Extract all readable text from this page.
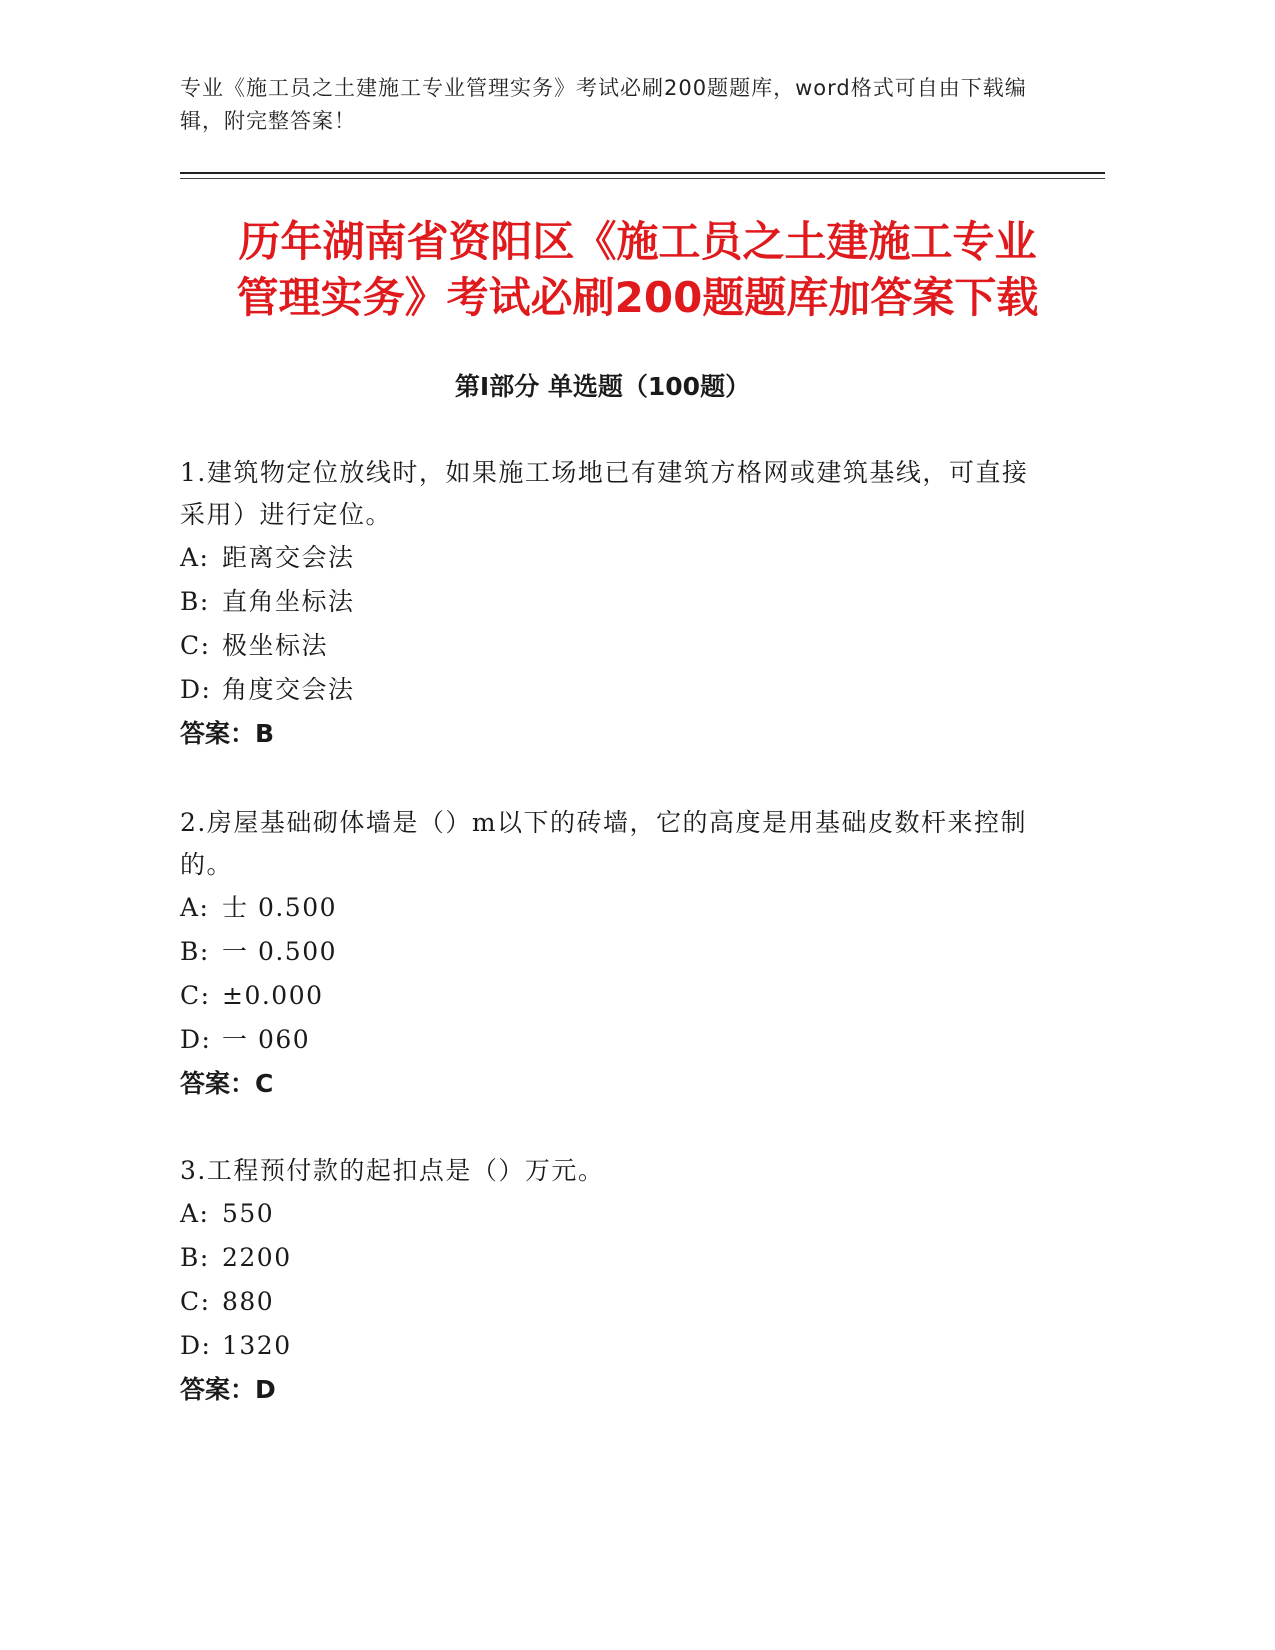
专业《施工员之土建施工专业管理实务》考试必刷200题题库，word格式可自由下载编辑，附完整答案！
历年湖南省资阳区《施工员之土建施工专业
管理实务》考试必刷200题题库加答案下载
第Ⅰ部分 单选题（100题）
1.建筑物定位放线时，如果施工场地已有建筑方格网或建筑基线，可直接采用）进行定位。
A: 距离交会法
B: 直角坐标法
C: 极坐标法
D: 角度交会法
答案：B
2.房屋基础砌体墙是（）m以下的砖墙，它的高度是用基础皮数杆来控制的。
A: 士 0.500
B: 一 0.500
C: ±0.000
D: 一 060
答案：C
3.工程预付款的起扣点是（）万元。
A: 550
B: 2200
C: 880
D: 1320
答案：D
